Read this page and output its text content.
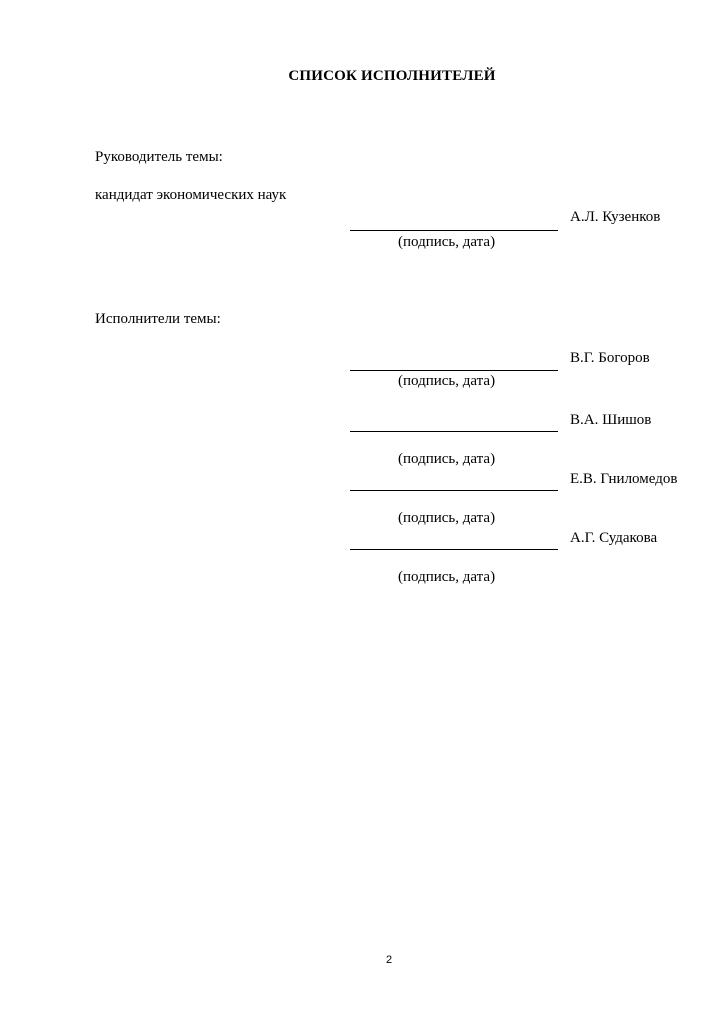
СПИСОК ИСПОЛНИТЕЛЕЙ
Руководитель темы:
кандидат экономических наук
А.Л. Кузенков
(подпись, дата)
Исполнители темы:
В.Г. Богоров
(подпись, дата)
В.А. Шишов
(подпись, дата)
Е.В. Гниломедов
(подпись, дата)
А.Г. Судакова
(подпись, дата)
2
